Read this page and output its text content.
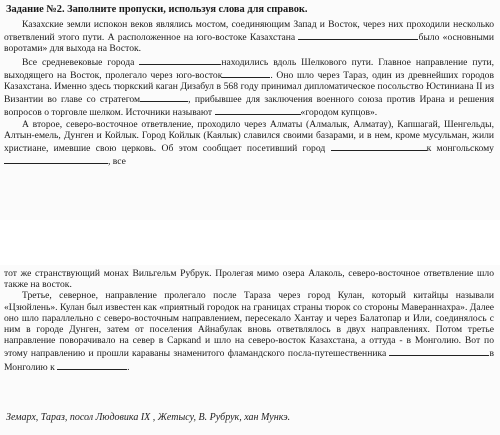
Задание №2. Заполните пропуски, используя слова для справок.

Казахские земли испокон веков являлись мостом, соединяющим Запад и Восток, через них проходили несколько ответвлений этого пути. А расположенное на юго-востоке Казахстана	было «основными воротами» для выхода на Восток.

Все средневековые города	находились вдоль Шелкового пути. Главное направление пути, выходящего на Восток, пролегало через юго-восток	. Оно шло через Тараз, один из древнейших городов Казахстана. Именно здесь тюркский каган Дизабул в 568 году принимал дипломатическое посольство Юстиниана II из Византии во главе со стратегом	, прибывшее для заключения военного союза против Ирана и решения вопросов о торговле шелком. Источники называют	«городом купцов».

А второе, северо-восточное ответвление, проходило через Алматы (Алмалык, Алматау), Капшагай, Шенгельды, Алтын-емель, Дунген и Койлык. Город Койлык (Каялык) славился своими базарами, и в нем, кроме мусульман, жили христиане, имевшие свою церковь. Об этом сообщает посетивший город	к монгольскому , все

тот же странствующий монах Вильгельм Рубрук. Пролегая мимо озера Алаколь, северо-восточное ответвление шло также на восток.

Третье, северное, направление пролегало после Тараза через город Кулан, который китайцы называли «Цзюйлень». Кулан был известен как «приятный городок на границах страны тюрок со стороны Мавераннахра». Далее оно шло параллельно с северо-восточным направлением, пересекало Хантау и через Балатопар и Или, соединялось с ним в городе Дунген, затем от поселения Айнабулак вновь ответвлялось в двух направлениях. Потом третье направление поворачивало на север в Саркand и шло на северо-восток Казахстана, а оттуда - в Монголию. Вот по этому направлению и прошли караваны знаменитого фламандского посла-путешественника	в Монголию к	.

Земарх, Тараз, посол Людовика IX , Жетысу, В. Рубрук, хан Мункэ.
